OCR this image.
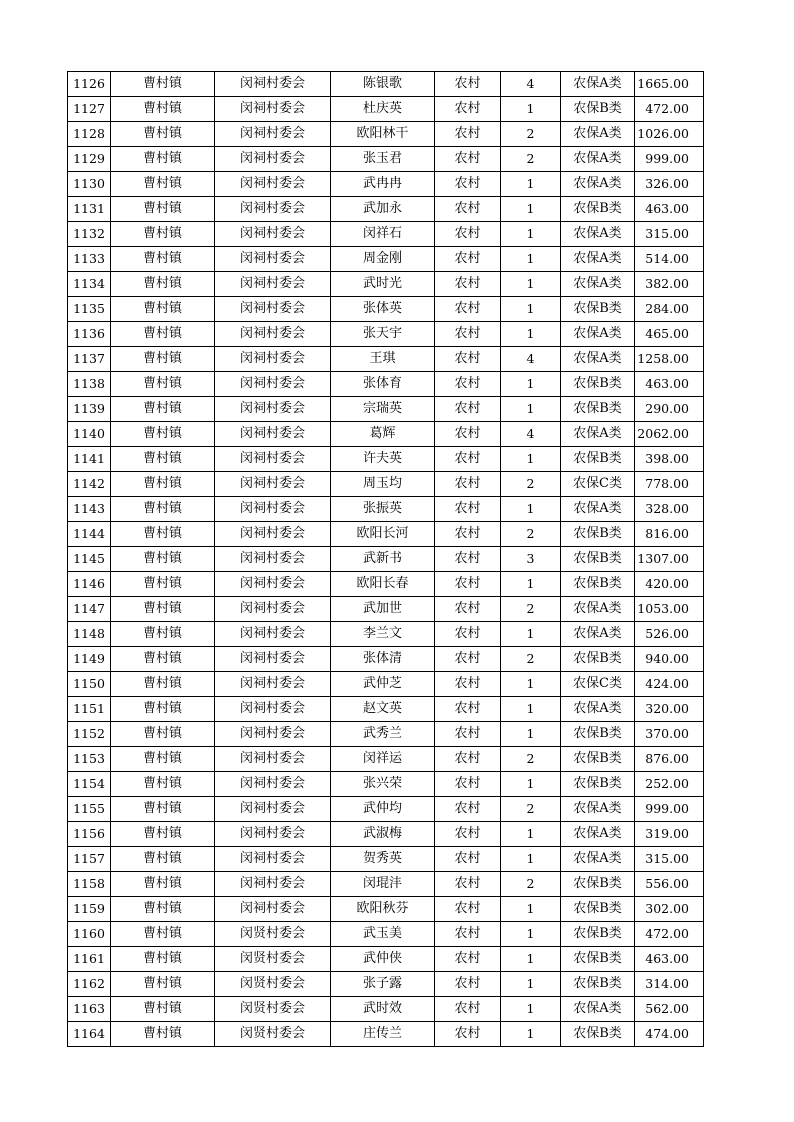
1126	曹村镇	闵祠村委会	陈银歌	农村	4	农保A类	1665.00
1127	曹村镇	闵祠村委会	杜庆英	农村	1	农保B类	472.00
1128	曹村镇	闵祠村委会	欧阳林干	农村	2	农保A类	1026.00
1129	曹村镇	闵祠村委会	张玉君	农村	2	农保A类	999.00
1130	曹村镇	闵祠村委会	武冉冉	农村	1	农保A类	326.00
1131	曹村镇	闵祠村委会	武加永	农村	1	农保B类	463.00
1132	曹村镇	闵祠村委会	闵祥石	农村	1	农保A类	315.00
1133	曹村镇	闵祠村委会	周金刚	农村	1	农保A类	514.00
1134	曹村镇	闵祠村委会	武时光	农村	1	农保A类	382.00
1135	曹村镇	闵祠村委会	张体英	农村	1	农保B类	284.00
1136	曹村镇	闵祠村委会	张天宇	农村	1	农保A类	465.00
1137	曹村镇	闵祠村委会	王琪	农村	4	农保A类	1258.00
1138	曹村镇	闵祠村委会	张体育	农村	1	农保B类	463.00
1139	曹村镇	闵祠村委会	宗瑞英	农村	1	农保B类	290.00
1140	曹村镇	闵祠村委会	葛辉	农村	4	农保A类	2062.00
1141	曹村镇	闵祠村委会	许夫英	农村	1	农保B类	398.00
1142	曹村镇	闵祠村委会	周玉均	农村	2	农保C类	778.00
1143	曹村镇	闵祠村委会	张振英	农村	1	农保A类	328.00
1144	曹村镇	闵祠村委会	欧阳长河	农村	2	农保B类	816.00
1145	曹村镇	闵祠村委会	武新书	农村	3	农保B类	1307.00
1146	曹村镇	闵祠村委会	欧阳长春	农村	1	农保B类	420.00
1147	曹村镇	闵祠村委会	武加世	农村	2	农保A类	1053.00
1148	曹村镇	闵祠村委会	李兰文	农村	1	农保A类	526.00
1149	曹村镇	闵祠村委会	张体清	农村	2	农保B类	940.00
1150	曹村镇	闵祠村委会	武仲芝	农村	1	农保C类	424.00
1151	曹村镇	闵祠村委会	赵文英	农村	1	农保A类	320.00
1152	曹村镇	闵祠村委会	武秀兰	农村	1	农保B类	370.00
1153	曹村镇	闵祠村委会	闵祥运	农村	2	农保B类	876.00
1154	曹村镇	闵祠村委会	张兴荣	农村	1	农保B类	252.00
1155	曹村镇	闵祠村委会	武仲均	农村	2	农保A类	999.00
1156	曹村镇	闵祠村委会	武淑梅	农村	1	农保A类	319.00
1157	曹村镇	闵祠村委会	贺秀英	农村	1	农保A类	315.00
1158	曹村镇	闵祠村委会	闵琨沣	农村	2	农保B类	556.00
1159	曹村镇	闵祠村委会	欧阳秋芬	农村	1	农保B类	302.00
1160	曹村镇	闵贤村委会	武玉美	农村	1	农保B类	472.00
1161	曹村镇	闵贤村委会	武仲侠	农村	1	农保B类	463.00
1162	曹村镇	闵贤村委会	张子露	农村	1	农保B类	314.00
1163	曹村镇	闵贤村委会	武时效	农村	1	农保A类	562.00
1164	曹村镇	闵贤村委会	庄传兰	农村	1	农保B类	474.00
